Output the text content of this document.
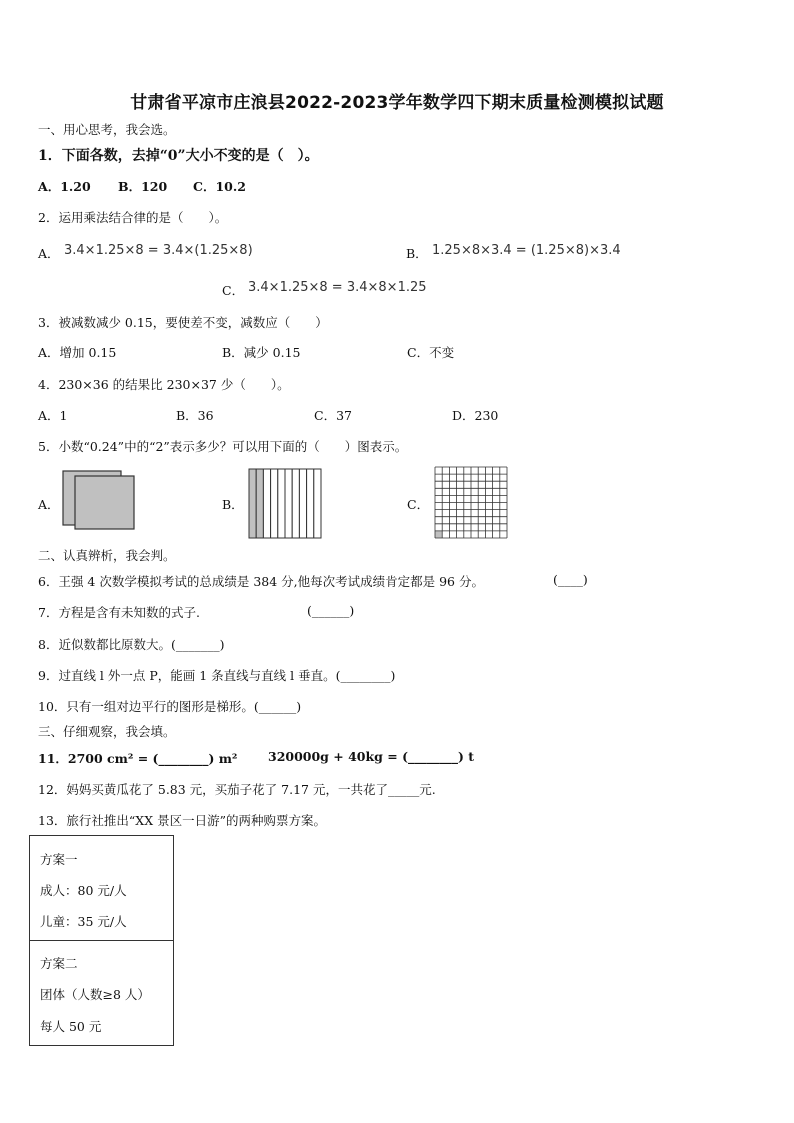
甘肃省平凉市庄浪县2022-2023学年数学四下期末质量检测模拟试题
一、用心思考，我会选。
1．下面各数，去掉“0”大小不变的是（　）。
A．1.20 B．120 C．10.2
2．运用乘法结合律的是（　　）。
A． 3.4×1.25×8 = 3.4×(1.25×8)	B． 1.25×8×3.4 = (1.25×8)×3.4
C． 3.4×1.25×8 = 3.4×8×1.25
3．被减数减少 0.15，要使差不变，减数应（　　）
A．增加 0.15	B．减少 0.15	C．不变
4．230×36 的结果比 230×37 少（　　）。
A．1	B．36	C．37	D．230
5．小数“0.24”中的“2”表示多少？可以用下面的（　　）图表示。
A．	B．	C．
二、认真辨析，我会判。
6．王强 4 次数学模拟考试的总成绩是 384 分,他每次考试成绩肯定都是 96 分。	(____)
7．方程是含有未知数的式子.	(______)
8．近似数都比原数大。(_______)
9．过直线 l 外一点 P，能画 1 条直线与直线 l 垂直。(________)
10．只有一组对边平行的图形是梯形。(______)
三、仔细观察，我会填。
11．2700 cm² = (________) m² 320000g + 40kg = (________) t
12．妈妈买黄瓜花了 5.83 元，买茄子花了 7.17 元，一共花了_____元.
13．旅行社推出“XX 景区一日游”的两种购票方案。
方案一
成人：80 元/人
儿童：35 元/人
方案二
团体（人数≥8 人）
每人 50 元
